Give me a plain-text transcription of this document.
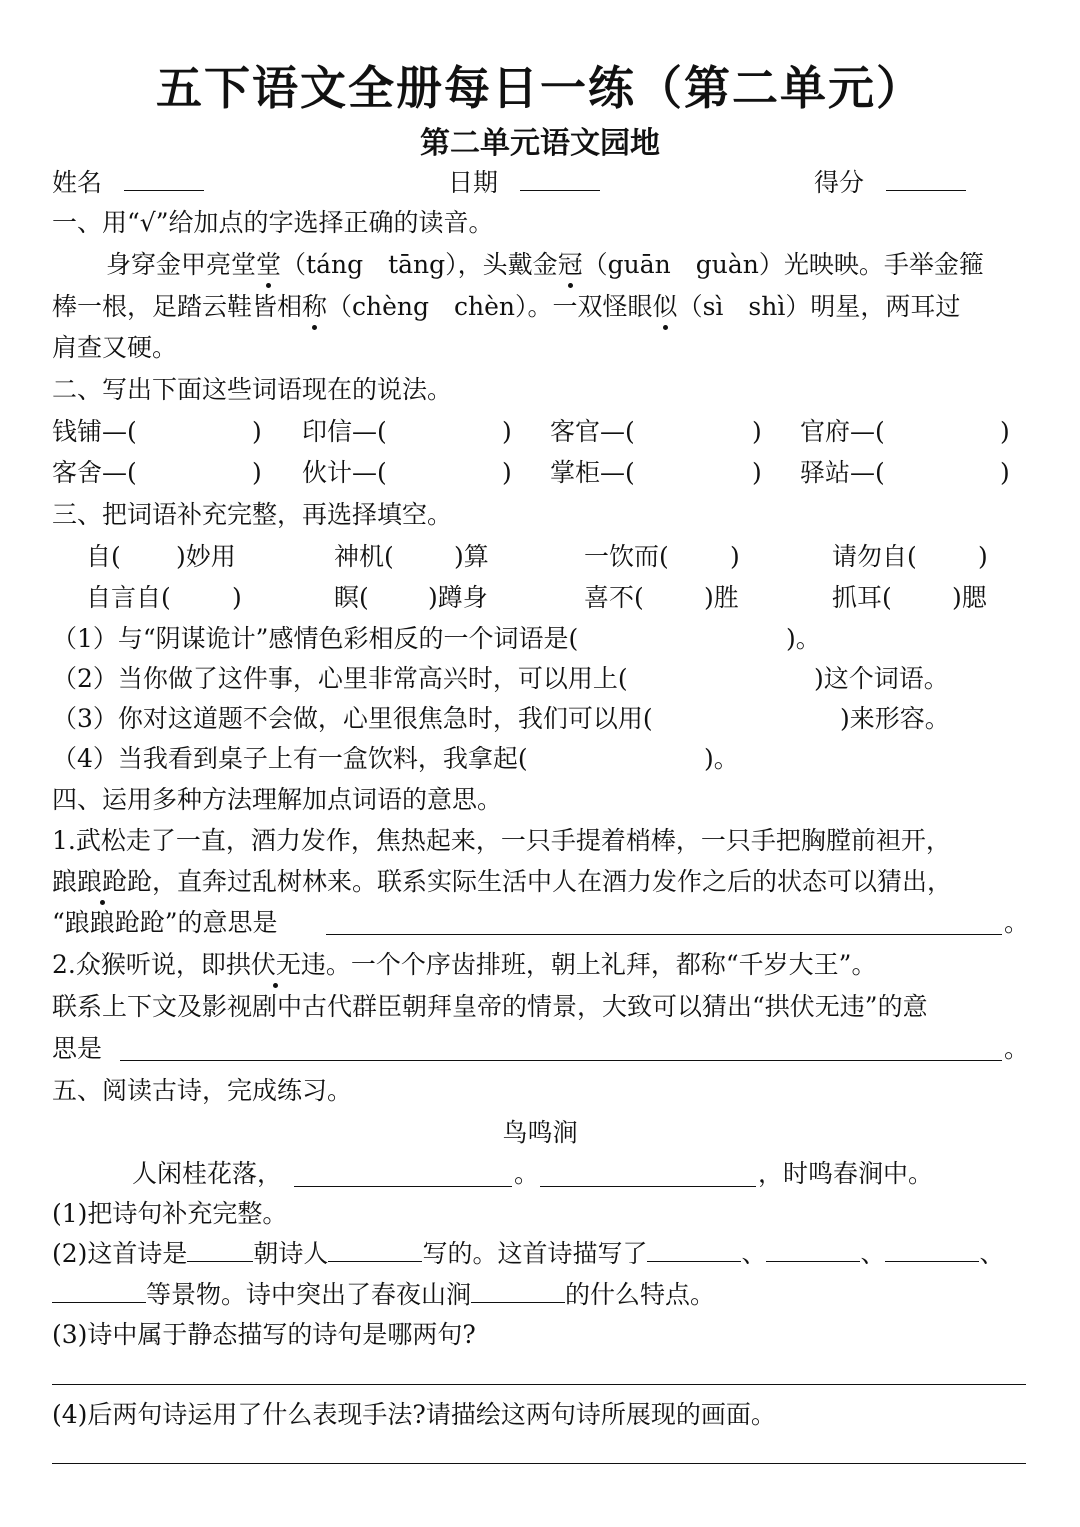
五下语文全册每日一练（第二单元）
第二单元语文园地
姓名	日期	得分
一、用“√”给加点的字选择正确的读音。
身穿金甲亮堂堂（táng　tāng），头戴金冠（guān　guàn）光映映。手举金箍
棒一根，足踏云鞋皆相称（chèng　chèn）。一双怪眼似（sì　shì）明星，两耳过
肩查又硬。
二、写出下面这些词语现在的说法。
钱铺—(	) 印信—(	) 客官—(	) 官府—(	)
客舍—(	) 伙计—(	) 掌柜—(	) 驿站—(	)
三、把词语补充完整，再选择填空。
自( )妙用	神机( )算	一饮而( )	请勿自( )
自言自( )	瞑( )蹲身	喜不( )胜	抓耳( )腮
（1）与“阴谋诡计”感情色彩相反的一个词语是(	)。
（2）当你做了这件事，心里非常高兴时，可以用上(	)这个词语。
（3）你对这道题不会做，心里很焦急时，我们可以用(	)来形容。
（4）当我看到桌子上有一盒饮料，我拿起(	)。
四、运用多种方法理解加点词语的意思。
1.武松走了一直，酒力发作，焦热起来，一只手提着梢棒，一只手把胸膛前袒开，
踉踉跄跄，直奔过乱树林来。联系实际生活中人在酒力发作之后的状态可以猜出，
“踉踉跄跄”的意思是	。
2.众猴听说，即拱伏无违。一个个序齿排班，朝上礼拜，都称“千岁大王”。
联系上下文及影视剧中古代群臣朝拜皇帝的情景，大致可以猜出“拱伏无违”的意
思是	。
五、阅读古诗，完成练习。
鸟鸣涧
人闲桂花落，	。	，时鸣春涧中。
(1)把诗句补充完整。
(2)这首诗是	朝诗人	写的。这首诗描写了	、	、	、
等景物。诗中突出了春夜山涧	的什么特点。
(3)诗中属于静态描写的诗句是哪两句?
(4)后两句诗运用了什么表现手法?请描绘这两句诗所展现的画面。
